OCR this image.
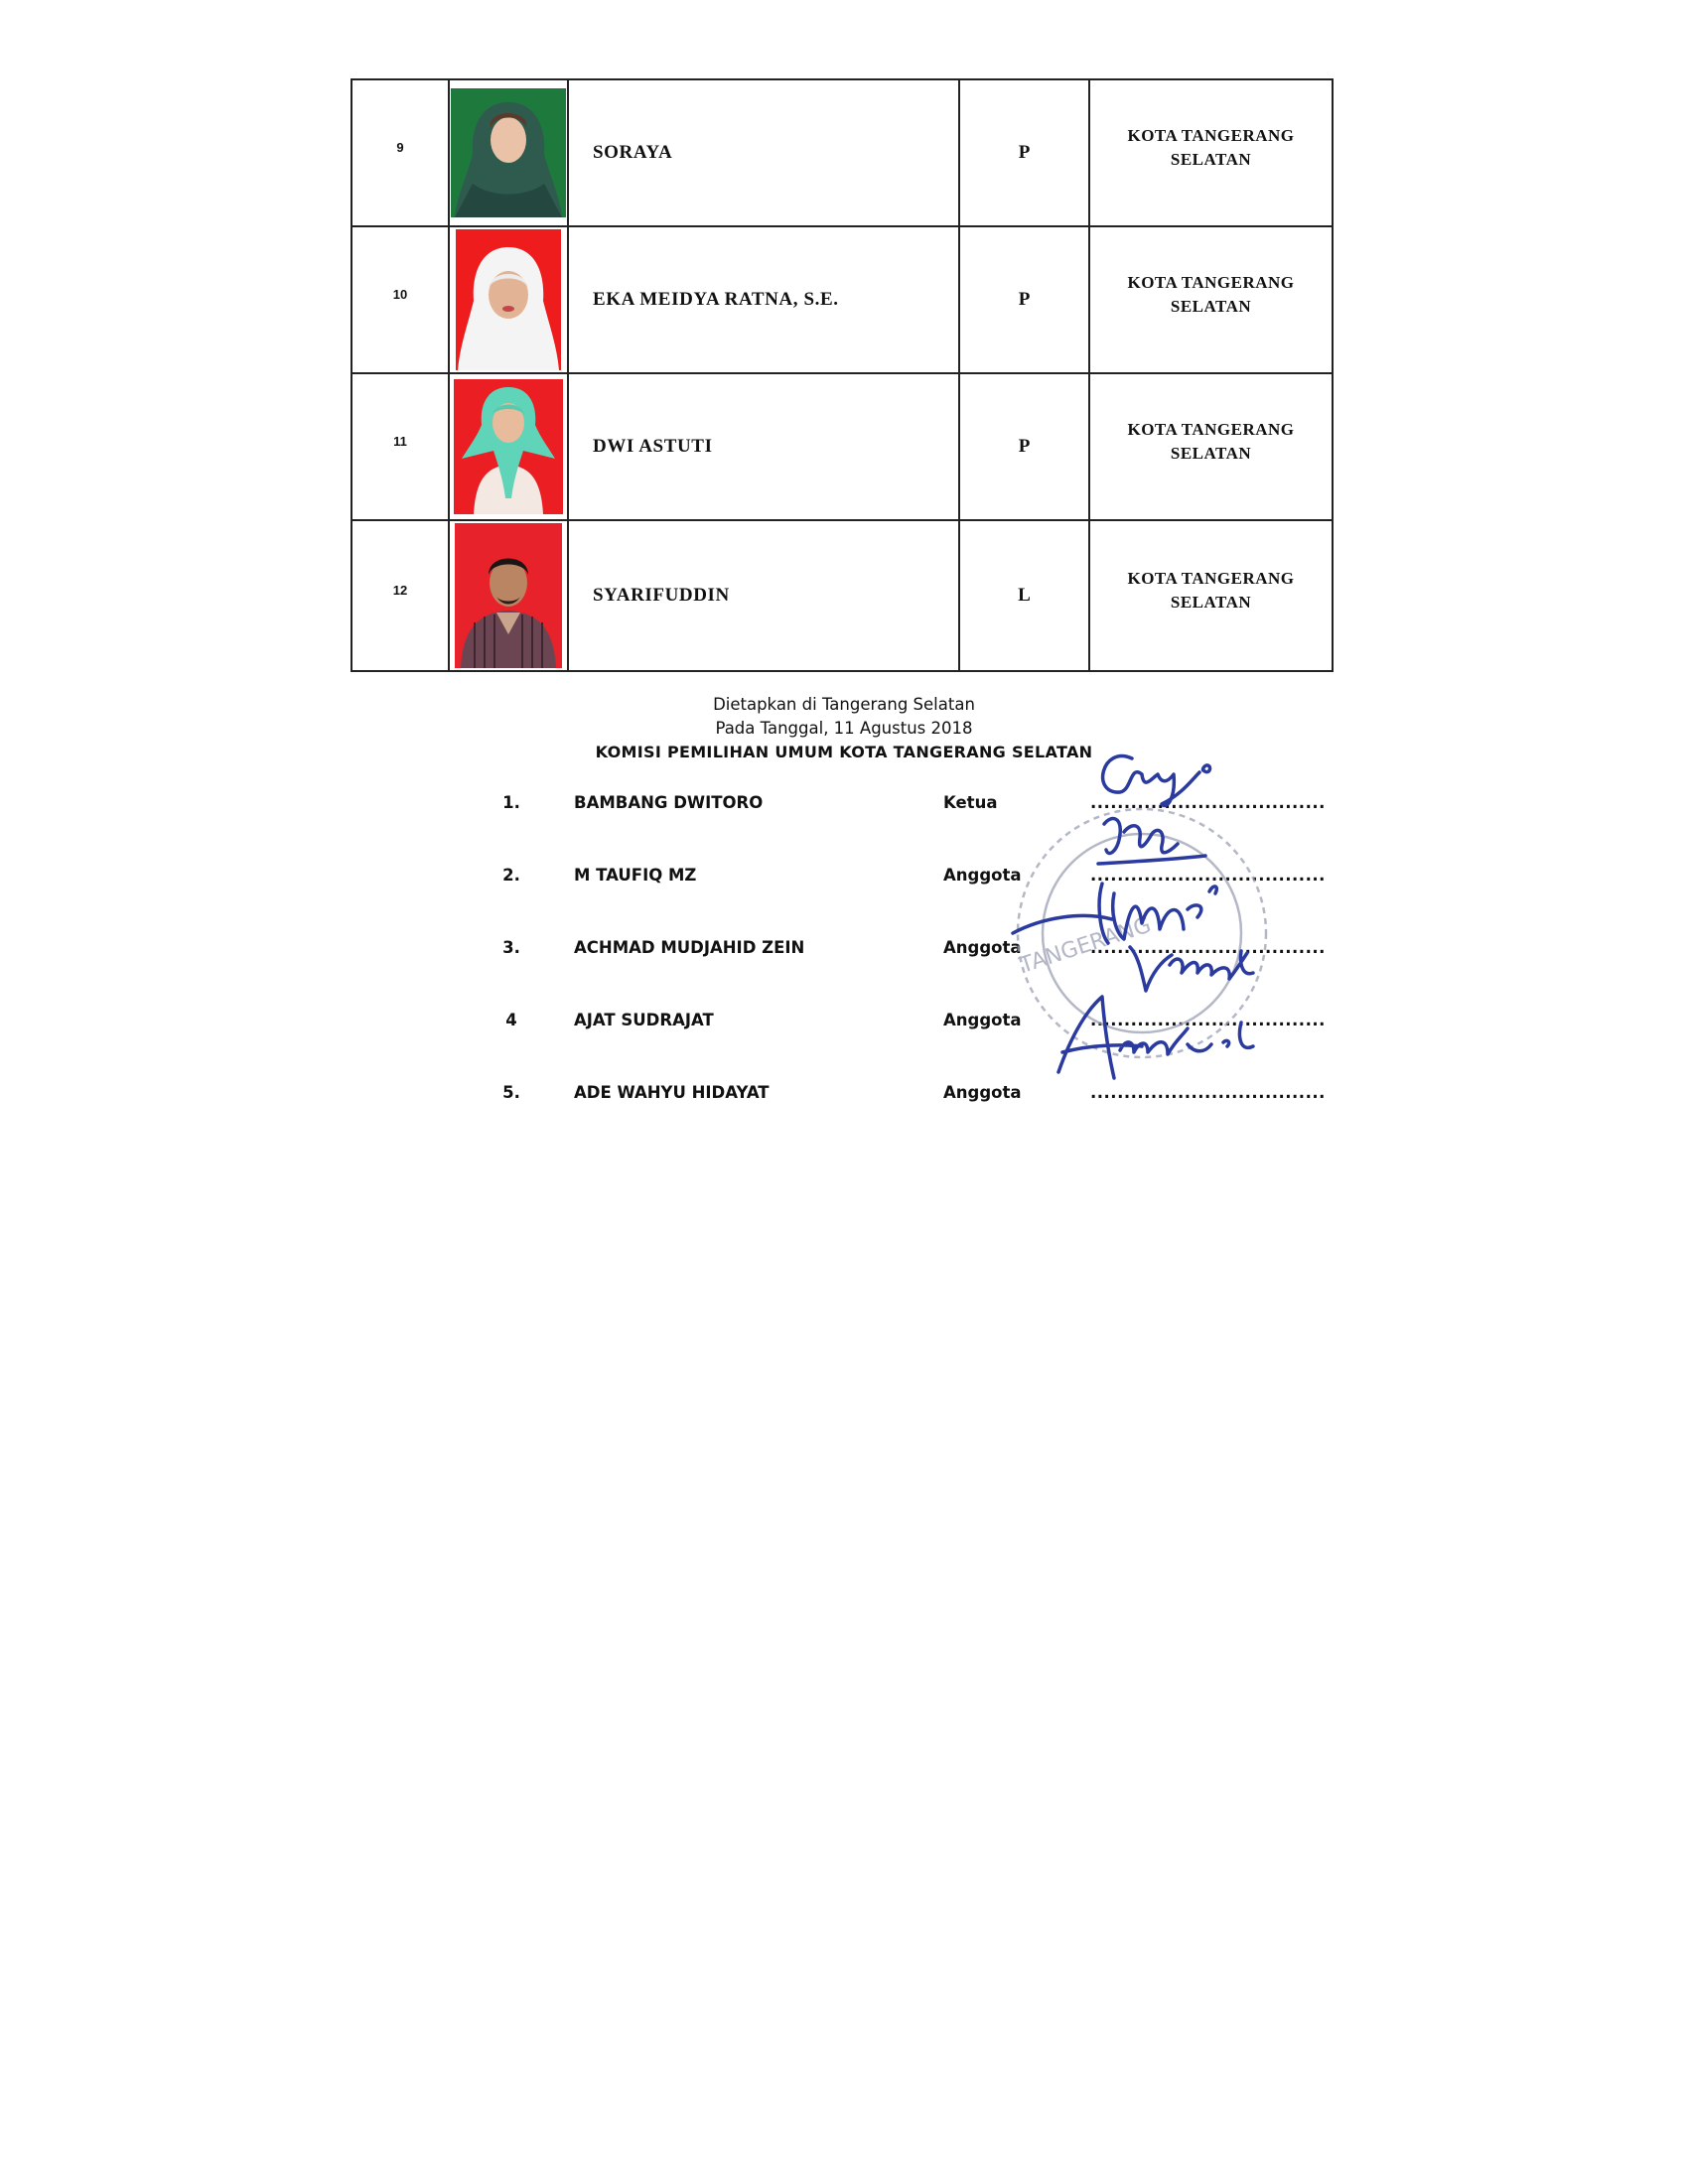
9		SORAYA	P	KOTA TANGERANG
SELATAN

10		EKA MEIDYA RATNA, S.E.	P	KOTA TANGERANG
SELATAN

11		DWI ASTUTI	P	KOTA TANGERANG
SELATAN

12		SYARIFUDDIN	L	KOTA TANGERANG
SELATAN
Dietapkan di Tangerang Selatan
Pada Tanggal, 11 Agustus 2018
KOMISI PEMILIHAN UMUM KOTA TANGERANG SELATAN
1.	BAMBANG DWITORO	Ketua	...................................
2.	M TAUFIQ MZ	Anggota	...................................
3.	ACHMAD MUDJAHID ZEIN	Anggota	...................................
4	AJAT SUDRAJAT	Anggota	...................................
5.	ADE WAHYU HIDAYAT	Anggota	...................................
TANGERANG
